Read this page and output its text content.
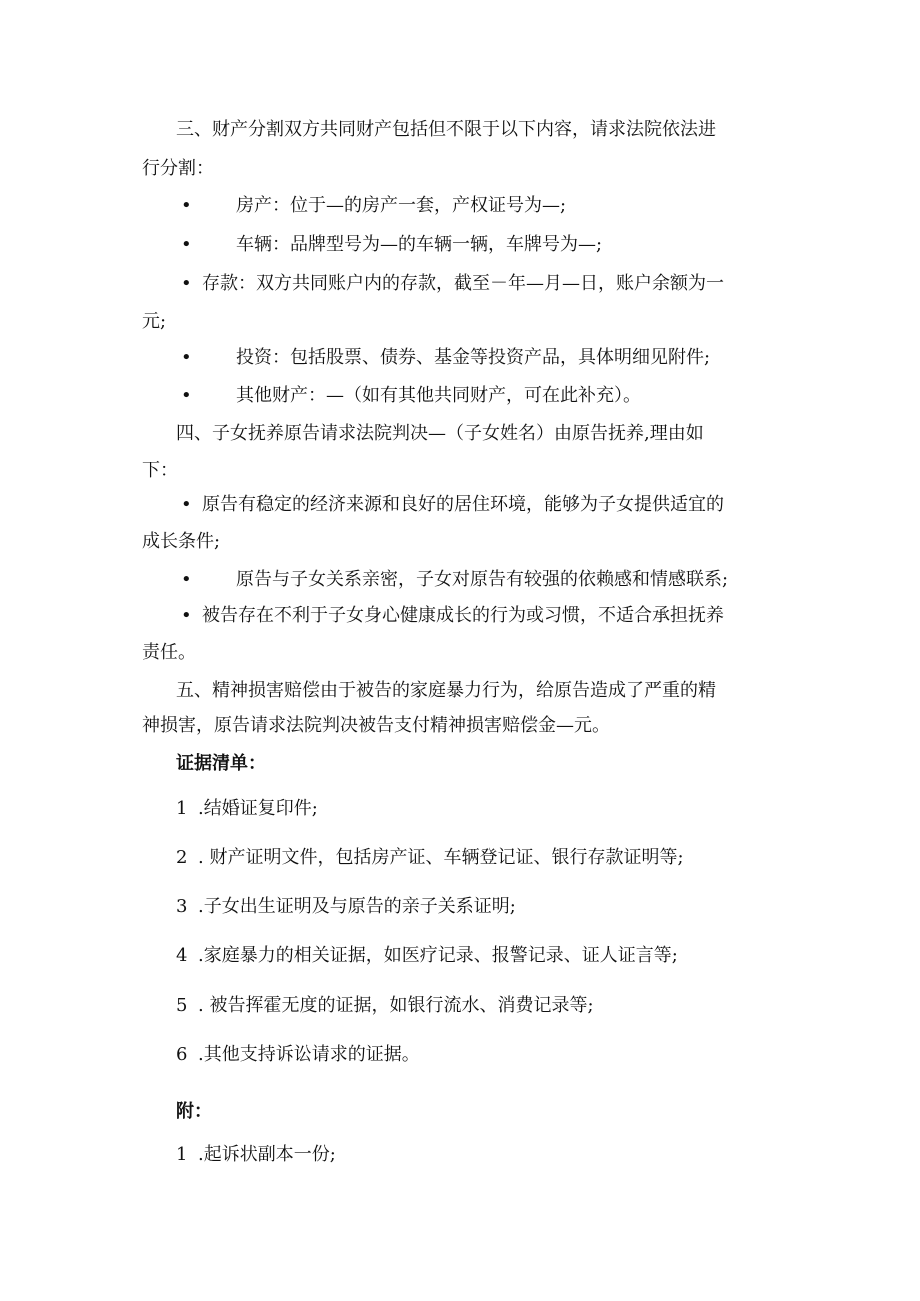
三、财产分割双方共同财产包括但不限于以下内容，请求法院依法进
行分割：
• 房产：位于—的房产一套，产权证号为—;
• 车辆：品牌型号为—的车辆一辆，车牌号为—;
• 存款：双方共同账户内的存款，截至－年—月—日，账户余额为一
元;
• 投资：包括股票、债券、基金等投资产品，具体明细见附件;
• 其他财产：—（如有其他共同财产，可在此补充）。
四、子女抚养原告请求法院判决—（子女姓名）由原告抚养,理由如
下：
• 原告有稳定的经济来源和良好的居住环境，能够为子女提供适宜的
成长条件;
• 原告与子女关系亲密，子女对原告有较强的依赖感和情感联系;
• 被告存在不利于子女身心健康成长的行为或习惯，不适合承担抚养
责任。
五、精神损害赔偿由于被告的家庭暴力行为，给原告造成了严重的精
神损害，原告请求法院判决被告支付精神损害赔偿金—元。
证据清单：
1 .结婚证复印件;
2 . 财产证明文件，包括房产证、车辆登记证、银行存款证明等;
3 .子女出生证明及与原告的亲子关系证明;
4 .家庭暴力的相关证据，如医疗记录、报警记录、证人证言等;
5 . 被告挥霍无度的证据，如银行流水、消费记录等;
6 .其他支持诉讼请求的证据。
附：
1 .起诉状副本一份;
